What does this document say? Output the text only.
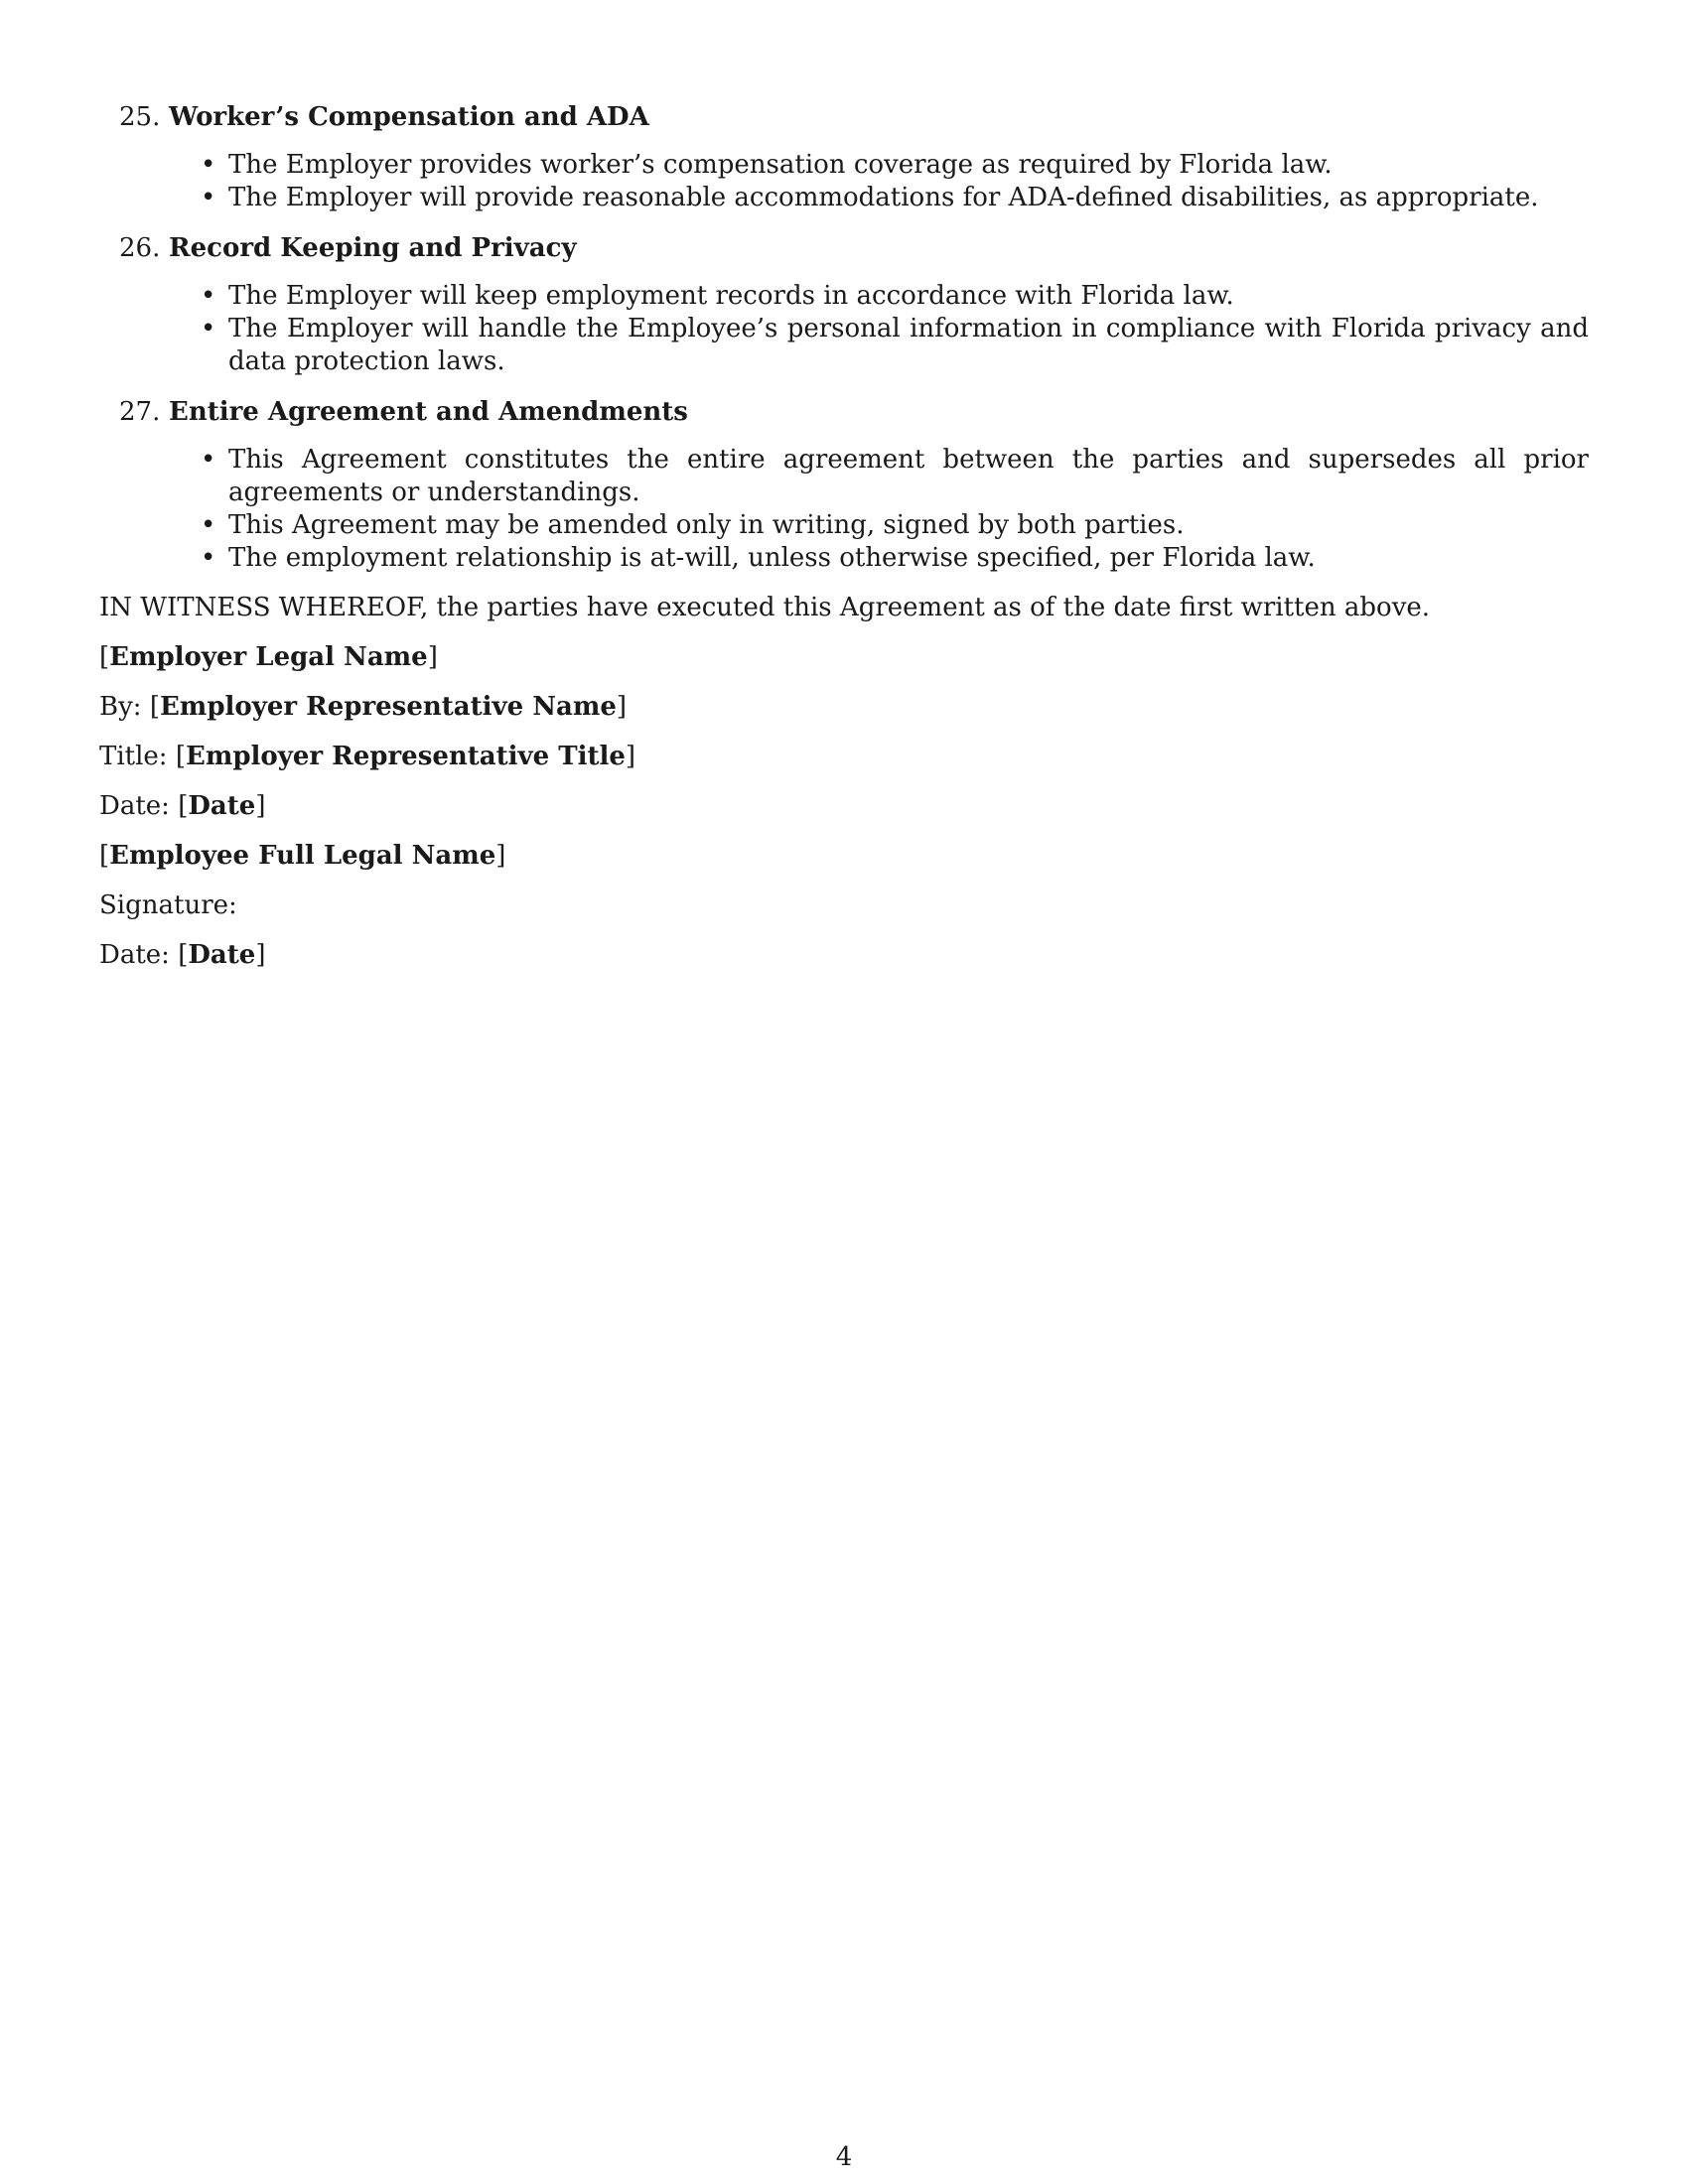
25. Worker’s Compensation and ADA
• The Employer provides worker’s compensation coverage as required by Florida law.
• The Employer will provide reasonable accommodations for ADA-defined disabilities, as appropriate.
26. Record Keeping and Privacy
• The Employer will keep employment records in accordance with Florida law.
• The Employer will handle the Employee’s personal information in compliance with Florida privacy and data protection laws.
27. Entire Agreement and Amendments
• This Agreement constitutes the entire agreement between the parties and supersedes all prior agreements or understandings.
• This Agreement may be amended only in writing, signed by both parties.
• The employment relationship is at-will, unless otherwise specified, per Florida law.

IN WITNESS WHEREOF, the parties have executed this Agreement as of the date first written above.

[Employer Legal Name]

By: [Employer Representative Name]

Title: [Employer Representative Title]

Date: [Date]

[Employee Full Legal Name]

Signature:

Date: [Date]

4
